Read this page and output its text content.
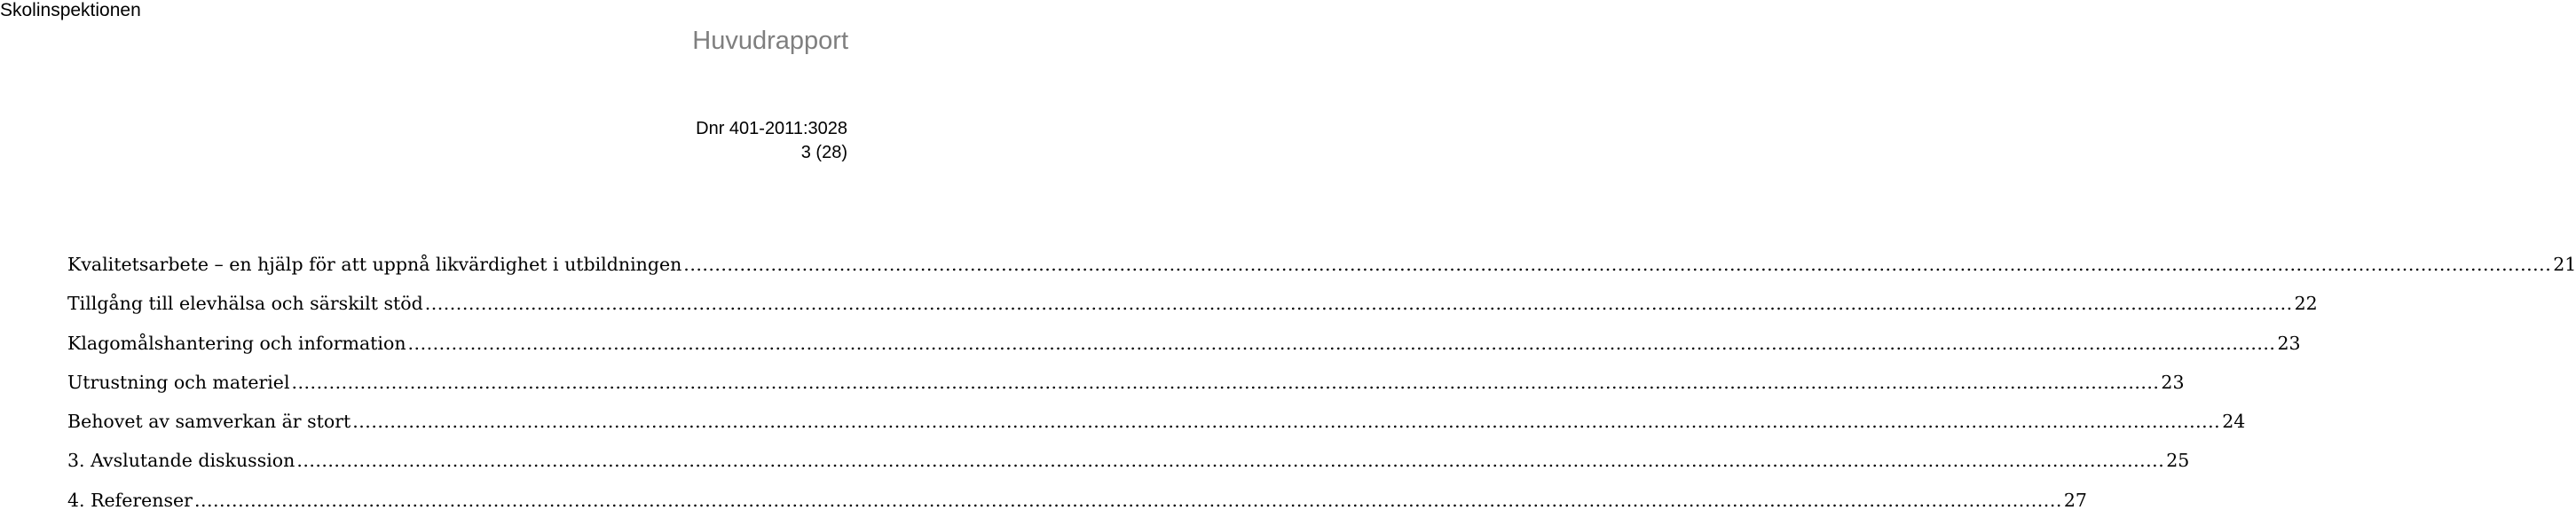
Skolinspektionen
Huvudrapport
Dnr 401-2011:3028
3 (28)
Kvalitetsarbete – en hjälp för att uppnå likvärdighet i utbildningen ............................................................................................................................................................................................................................................................................................................ 21
Tillgång till elevhälsa och särskilt stöd ............................................................................................................................................................................................................................................................................................................ 22
Klagomålshantering och information ............................................................................................................................................................................................................................................................................................................ 23
Utrustning och materiel ............................................................................................................................................................................................................................................................................................................ 23
Behovet av samverkan är stort ............................................................................................................................................................................................................................................................................................................ 24
3. Avslutande diskussion ............................................................................................................................................................................................................................................................................................................ 25
4. Referenser ............................................................................................................................................................................................................................................................................................................ 27
